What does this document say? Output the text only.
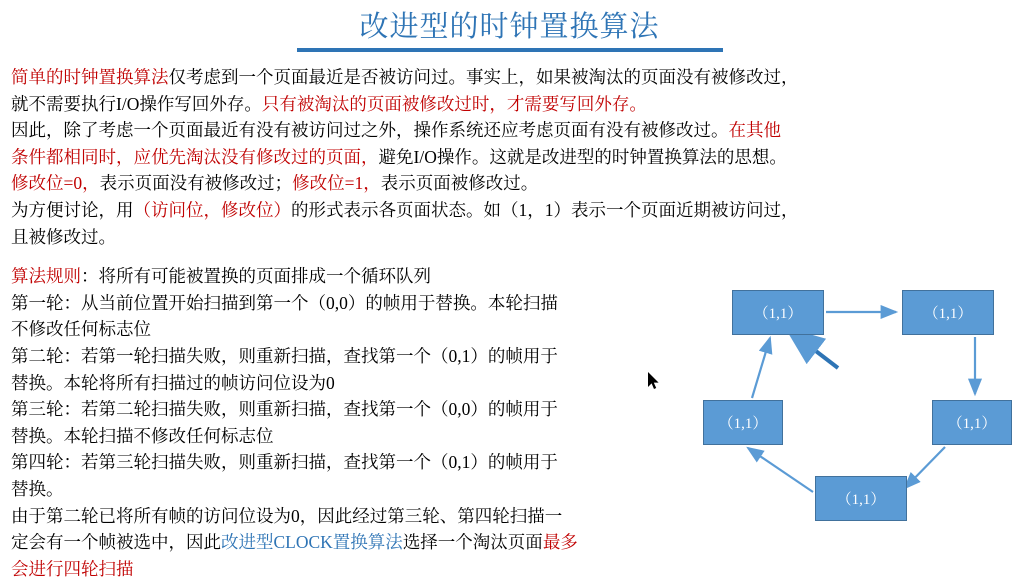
改进型的时钟置换算法

简单的时钟置换算法仅考虑到一个页面最近是否被访问过。事实上，如果被淘汰的页面没有被修改过，

就不需要执行I/O操作写回外存。只有被淘汰的页面被修改过时，才需要写回外存。

因此，除了考虑一个页面最近有没有被访问过之外，操作系统还应考虑页面有没有被修改过。在其他

条件都相同时，应优先淘汰没有修改过的页面，避免I/O操作。这就是改进型的时钟置换算法的思想。

修改位=0，表示页面没有被修改过；修改位=1，表示页面被修改过。

为方便讨论，用（访问位，修改位）的形式表示各页面状态。如（1，1）表示一个页面近期被访问过，

且被修改过。

算法规则：将所有可能被置换的页面排成一个循环队列

第一轮：从当前位置开始扫描到第一个（0,0）的帧用于替换。本轮扫描

不修改任何标志位

第二轮：若第一轮扫描失败，则重新扫描，查找第一个（0,1）的帧用于

替换。本轮将所有扫描过的帧访问位设为0

第三轮：若第二轮扫描失败，则重新扫描，查找第一个（0,0）的帧用于

替换。本轮扫描不修改任何标志位

第四轮：若第三轮扫描失败，则重新扫描，查找第一个（0,1）的帧用于

替换。

由于第二轮已将所有帧的访问位设为0，因此经过第三轮、第四轮扫描一

定会有一个帧被选中，因此改进型CLOCK置换算法选择一个淘汰页面最多

会进行四轮扫描

（1,1）	（1,1）
（1,1）
（1,1）
（1,1）
